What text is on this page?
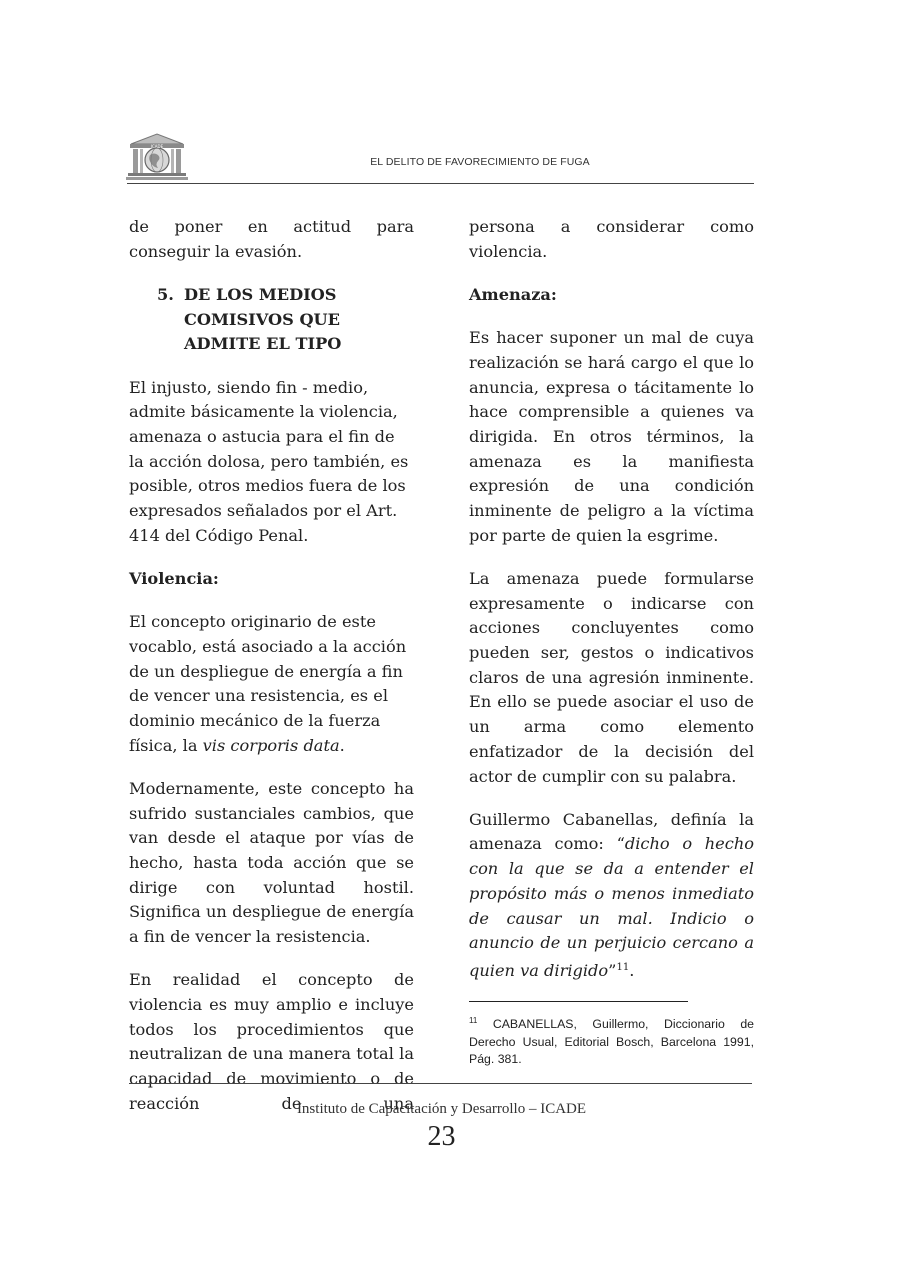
ICADE
EL DELITO DE FAVORECIMIENTO DE FUGA

de poner en actitud para conseguir la evasión.

5. DE LOS MEDIOS COMISIVOS QUE ADMITE EL TIPO

El injusto, siendo fin - medio, admite básicamente la violencia, amenaza o astucia para el fin de la acción dolosa, pero también, es posible, otros medios fuera de los expresados señalados por el Art. 414 del Código Penal.

Violencia:

El concepto originario de este vocablo, está asociado a la acción de un despliegue de energía a fin de vencer una resistencia, es el dominio mecánico de la fuerza física, la vis corporis data.

Modernamente, este concepto ha sufrido sustanciales cambios, que van desde el ataque por vías de hecho, hasta toda acción que se dirige con voluntad hostil. Significa un despliegue de energía a fin de vencer la resistencia.

En realidad el concepto de violencia es muy amplio e incluye todos los procedimientos que neutralizan de una manera total la capacidad de movimiento o de reacción de una

persona a considerar como violencia.

Amenaza:

Es hacer suponer un mal de cuya realización se hará cargo el que lo anuncia, expresa o tácitamente lo hace comprensible a quienes va dirigida. En otros términos, la amenaza es la manifiesta expresión de una condición inminente de peligro a la víctima por parte de quien la esgrime.

La amenaza puede formularse expresamente o indicarse con acciones concluyentes como pueden ser, gestos o indicativos claros de una agresión inminente. En ello se puede asociar el uso de un arma como elemento enfatizador de la decisión del actor de cumplir con su palabra.

Guillermo Cabanellas, definía la amenaza como: “dicho o hecho con la que se da a entender el propósito más o menos inmediato de causar un mal. Indicio o anuncio de un perjuicio cercano a quien va dirigido”$^{11}$.

$^{11}$ CABANELLAS, Guillermo, Diccionario de Derecho Usual, Editorial Bosch, Barcelona 1991, Pág. 381.
Instituto de Capacitación y Desarrollo – ICADE
23
